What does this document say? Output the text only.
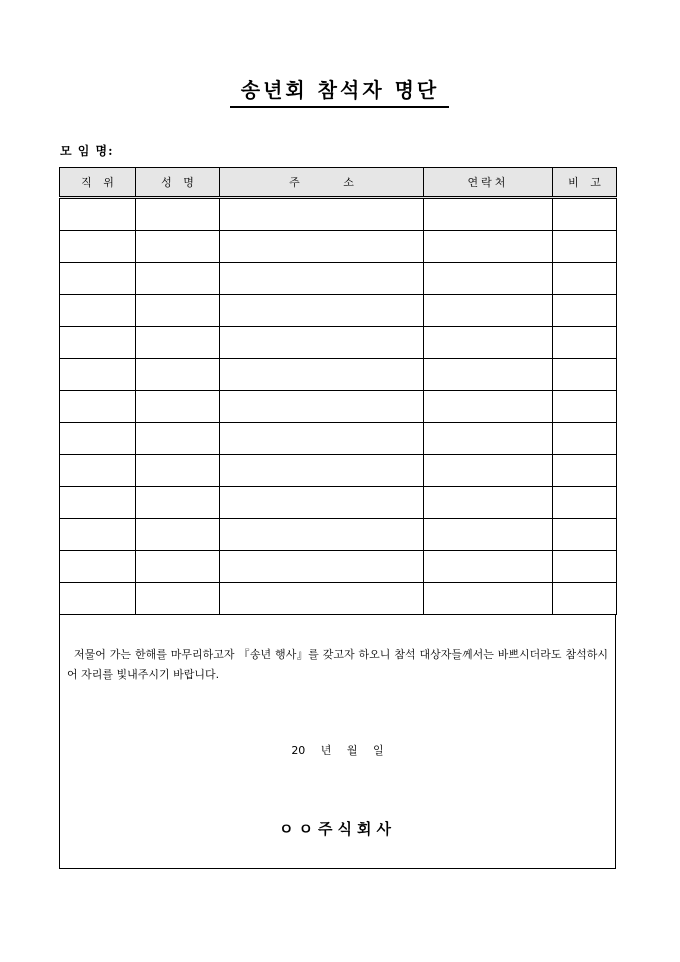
송년회 참석자 명단
모 임 명:
직 위	성 명	주 소	연락처	비 고

저물어 가는 한해를 마무리하고자 『송년 행사』를 갖고자 하오니 참석 대상자들께서는 바쁘시더라도 참석하시어 자리를 빛내주시기 바랍니다.
20 년 월 일
ㅇㅇ주식회사
